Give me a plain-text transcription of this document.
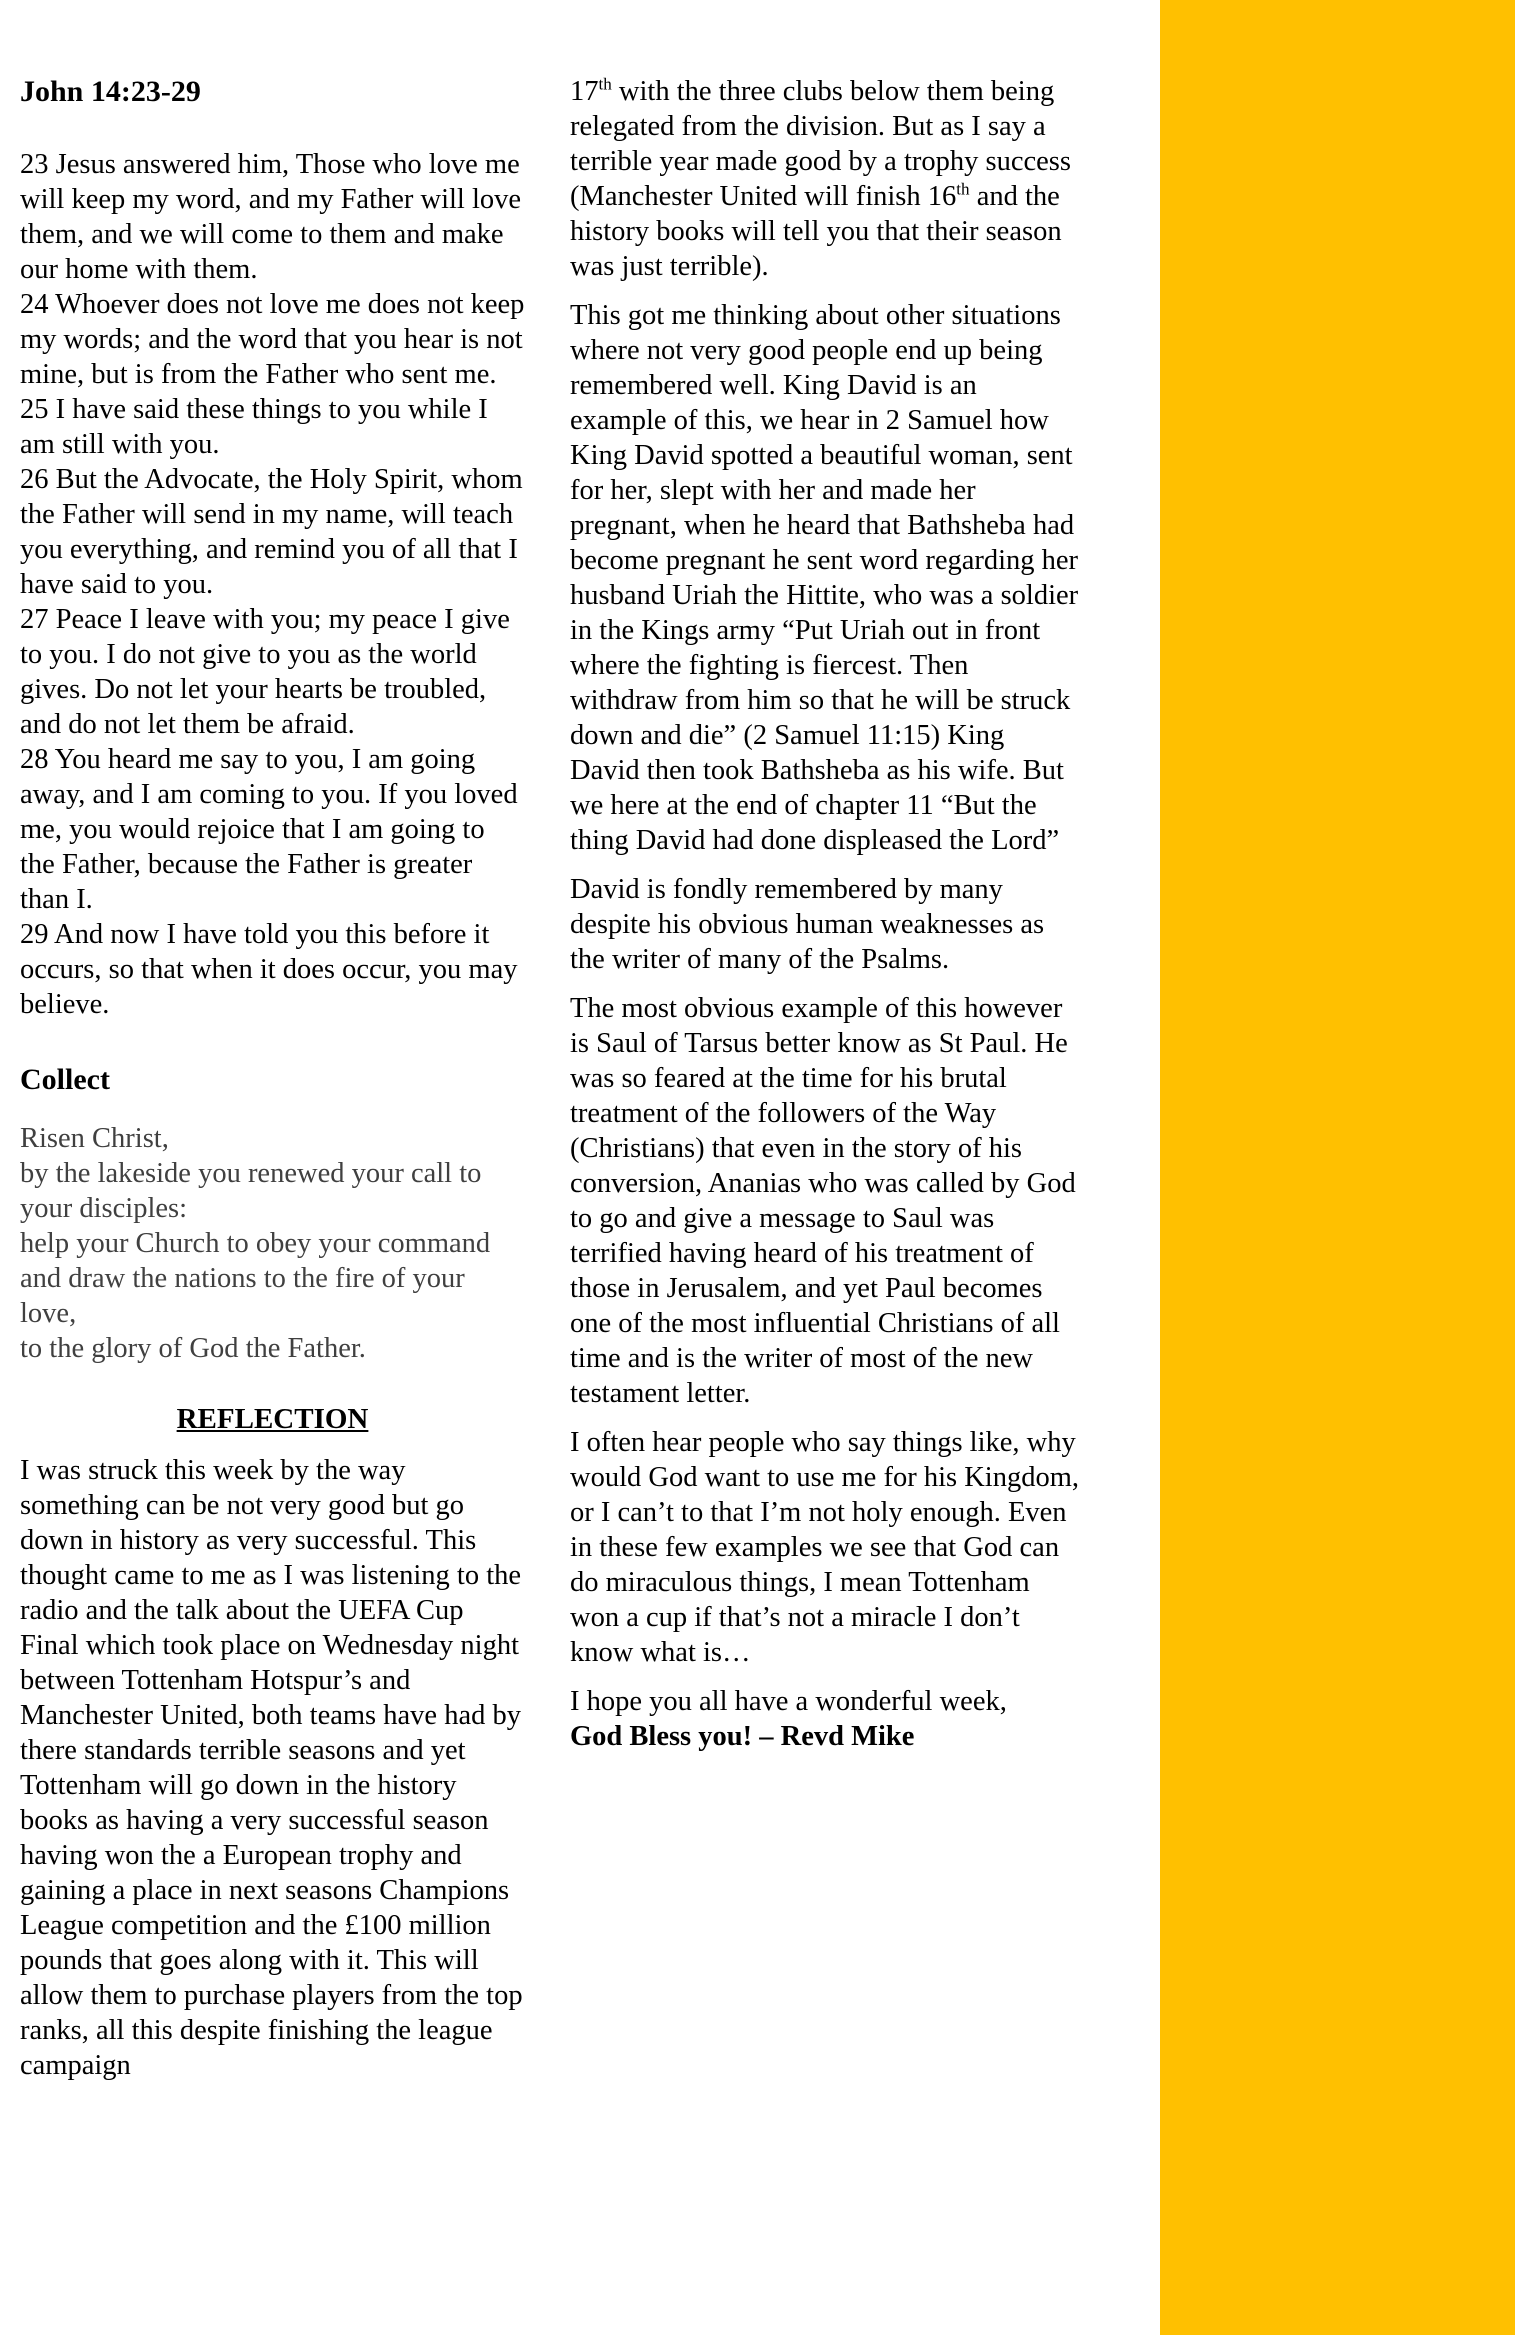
John 14:23-29

23 Jesus answered him, Those who love me will keep my word, and my Father will love them, and we will come to them and make our home with them.

24 Whoever does not love me does not keep my words; and the word that you hear is not mine, but is from the Father who sent me.

25 I have said these things to you while I am still with you.

26 But the Advocate, the Holy Spirit, whom the Father will send in my name, will teach you everything, and remind you of all that I have said to you.

27 Peace I leave with you; my peace I give to you. I do not give to you as the world gives. Do not let your hearts be troubled, and do not let them be afraid.

28 You heard me say to you, I am going away, and I am coming to you. If you loved me, you would rejoice that I am going to the Father, because the Father is greater than I.

29 And now I have told you this before it occurs, so that when it does occur, you may believe.

Collect

Risen Christ,

by the lakeside you renewed your call to your disciples:

help your Church to obey your command

and draw the nations to the fire of your love,

to the glory of God the Father.

REFLECTION

I was struck this week by the way something can be not very good but go down in history as very successful. This thought came to me as I was listening to the radio and the talk about the UEFA Cup Final which took place on Wednesday night between Tottenham Hotspur’s and Manchester United, both teams have had by there standards terrible seasons and yet Tottenham will go down in the history books as having a very successful season having won the a European trophy and gaining a place in next seasons Champions League competition and the £100 million pounds that goes along with it. This will allow them to purchase players from the top ranks, all this despite finishing the league campaign

17th with the three clubs below them being relegated from the division. But as I say a terrible year made good by a trophy success (Manchester United will finish 16th and the history books will tell you that their season was just terrible).

This got me thinking about other situations where not very good people end up being remembered well. King David is an example of this, we hear in 2 Samuel how King David spotted a beautiful woman, sent for her, slept with her and made her pregnant, when he heard that Bathsheba had become pregnant he sent word regarding her husband Uriah the Hittite, who was a soldier in the Kings army “Put Uriah out in front where the fighting is fiercest. Then withdraw from him so that he will be struck down and die” (2 Samuel 11:15) King David then took Bathsheba as his wife. But we here at the end of chapter 11 “But the thing David had done displeased the Lord”

David is fondly remembered by many despite his obvious human weaknesses as the writer of many of the Psalms.

The most obvious example of this however is Saul of Tarsus better know as St Paul. He was so feared at the time for his brutal treatment of the followers of the Way (Christians) that even in the story of his conversion, Ananias who was called by God to go and give a message to Saul was terrified having heard of his treatment of those in Jerusalem, and yet Paul becomes one of the most influential Christians of all time and is the writer of most of the new testament letter.

I often hear people who say things like, why would God want to use me for his Kingdom, or I can’t to that I’m not holy enough. Even in these few examples we see that God can do miraculous things, I mean Tottenham won a cup if that’s not a miracle I don’t know what is…

I hope you all have a wonderful week,
God Bless you! – Revd Mike
